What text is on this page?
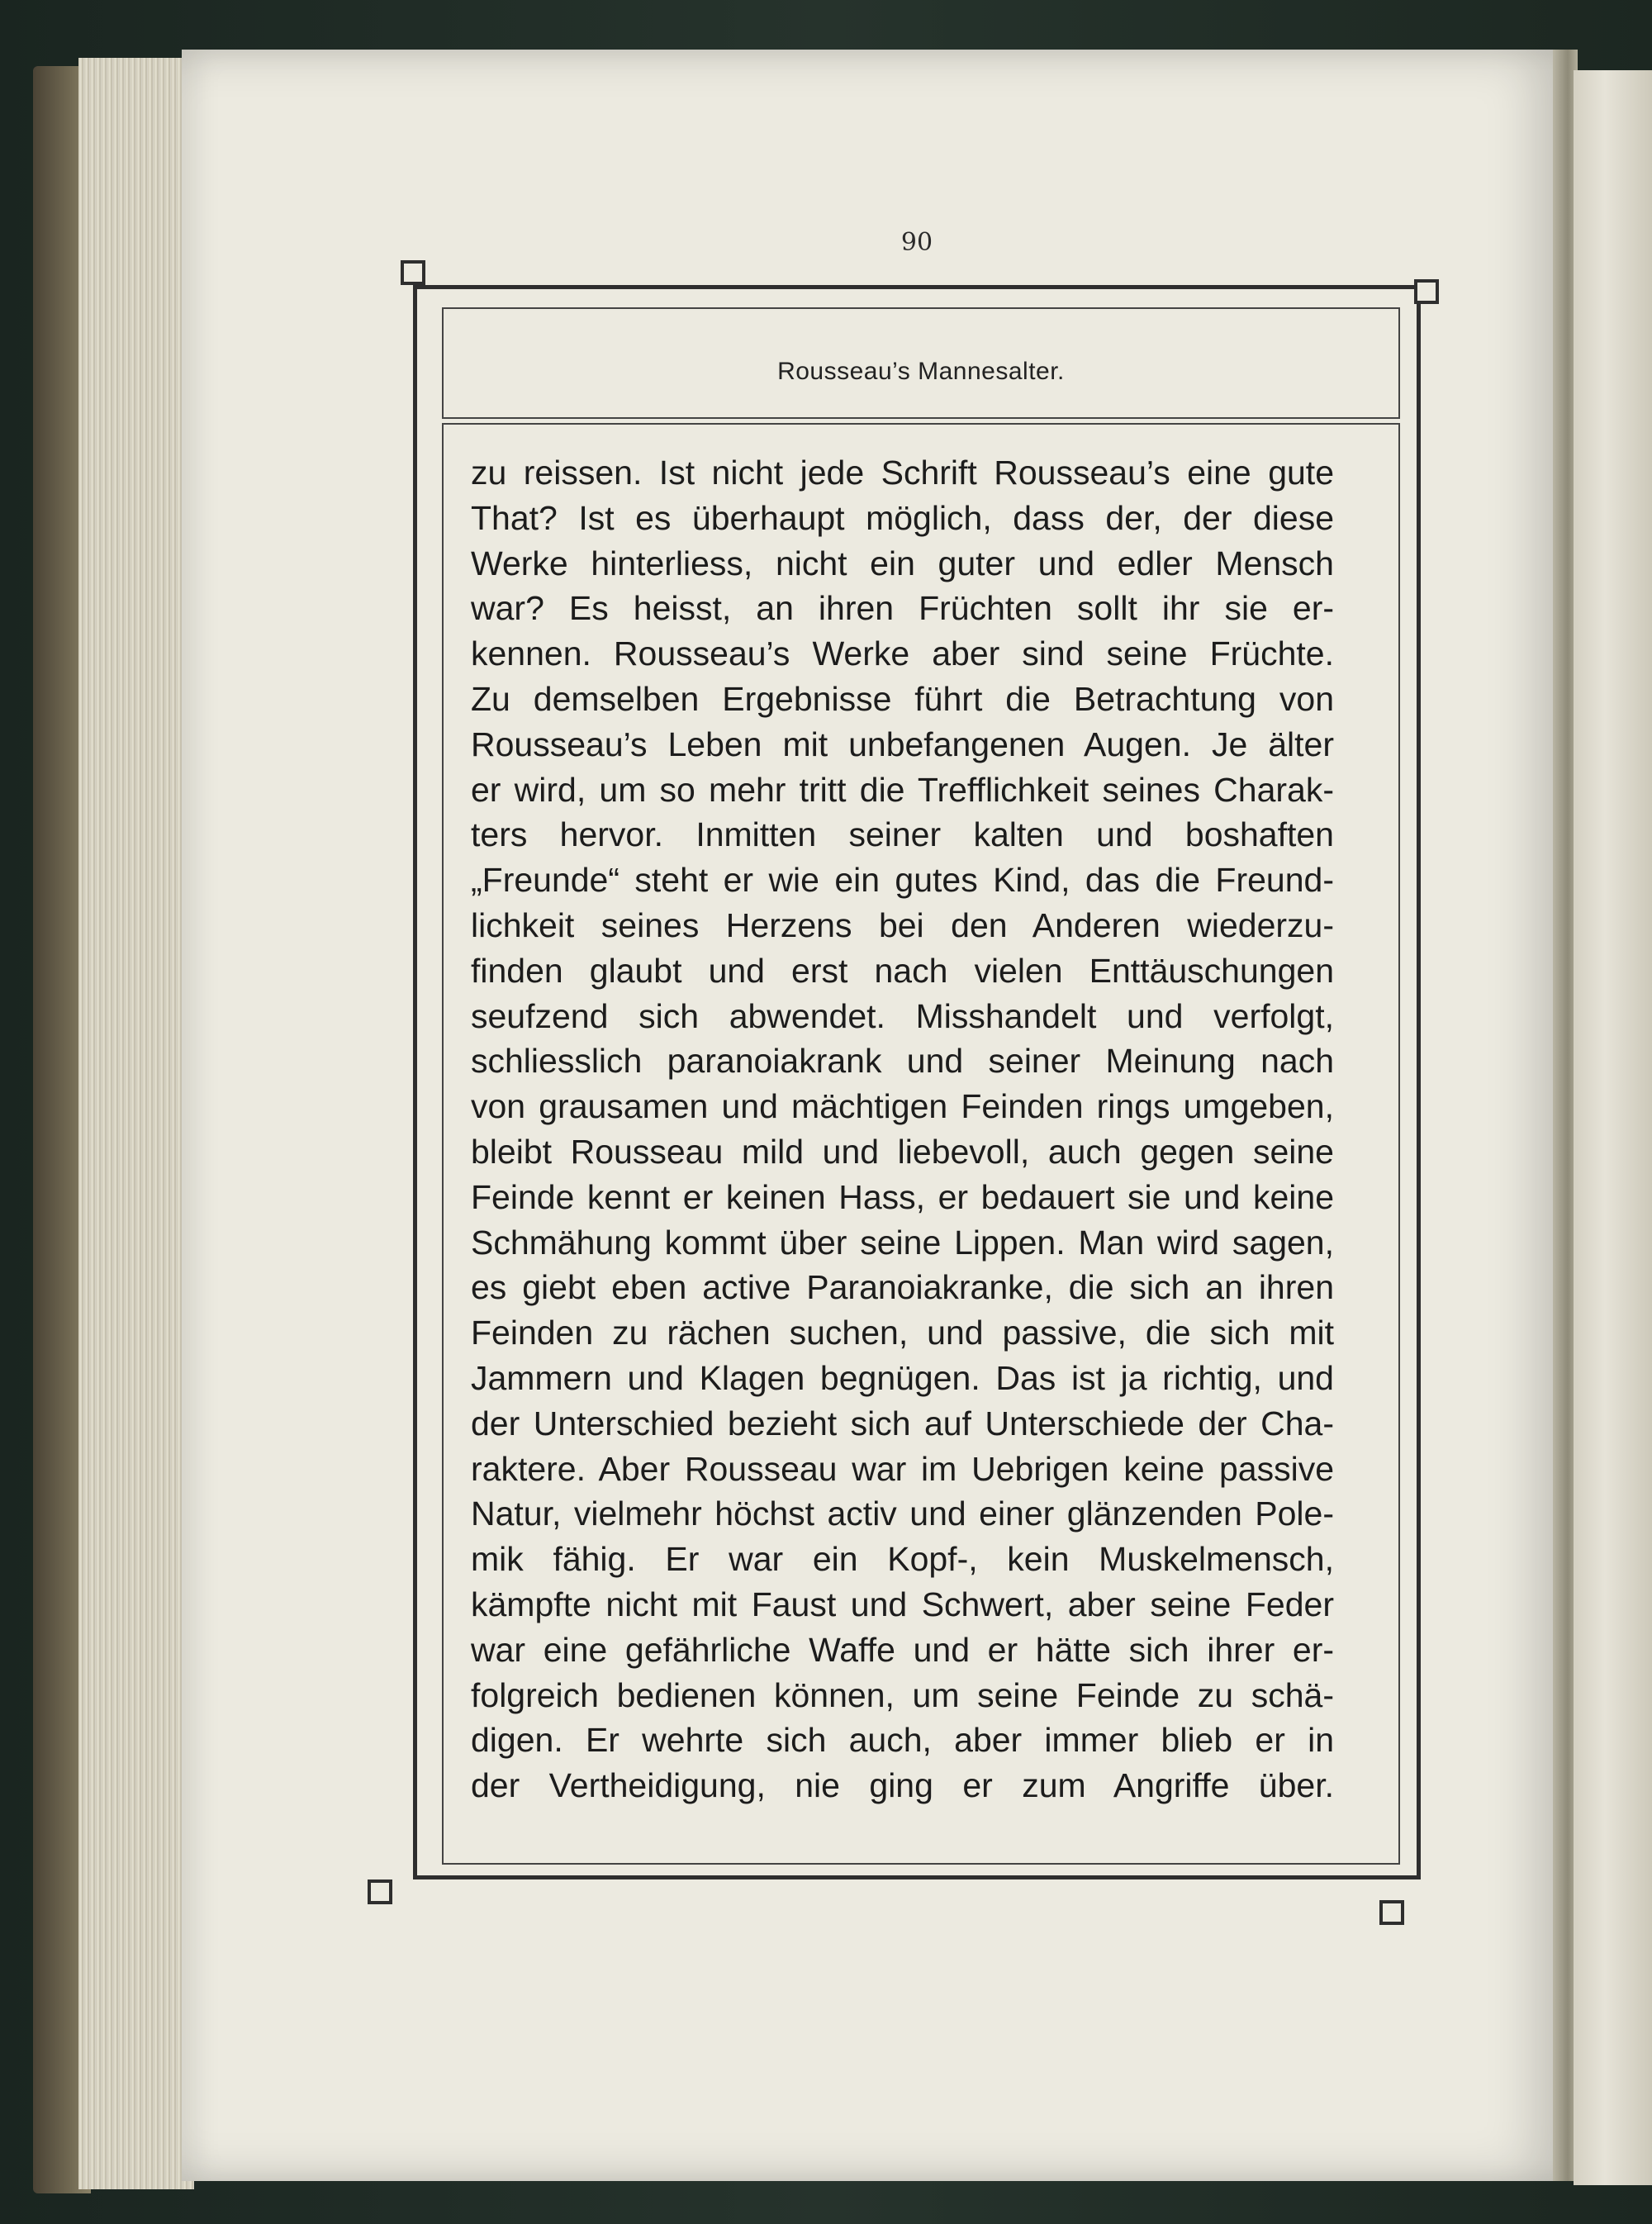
90
Rousseau’s Mannesalter.
zu reissen. Ist nicht jede Schrift Rousseau’s eine gute
That? Ist es überhaupt möglich, dass der, der diese
Werke hinterliess, nicht ein guter und edler Mensch
war? Es heisst, an ihren Früchten sollt ihr sie er-
kennen. Rousseau’s Werke aber sind seine Früchte.
Zu demselben Ergebnisse führt die Betrachtung von
Rousseau’s Leben mit unbefangenen Augen. Je älter
er wird, um so mehr tritt die Trefflichkeit seines Charak-
ters hervor. Inmitten seiner kalten und boshaften
„Freunde“ steht er wie ein gutes Kind, das die Freund-
lichkeit seines Herzens bei den Anderen wiederzu-
finden glaubt und erst nach vielen Enttäuschungen
seufzend sich abwendet. Misshandelt und verfolgt,
schliesslich paranoiakrank und seiner Meinung nach
von grausamen und mächtigen Feinden rings umgeben,
bleibt Rousseau mild und liebevoll, auch gegen seine
Feinde kennt er keinen Hass, er bedauert sie und keine
Schmähung kommt über seine Lippen. Man wird sagen,
es giebt eben active Paranoiakranke, die sich an ihren
Feinden zu rächen suchen, und passive, die sich mit
Jammern und Klagen begnügen. Das ist ja richtig, und
der Unterschied bezieht sich auf Unterschiede der Cha-
raktere. Aber Rousseau war im Uebrigen keine passive
Natur, vielmehr höchst activ und einer glänzenden Pole-
mik fähig. Er war ein Kopf-, kein Muskelmensch,
kämpfte nicht mit Faust und Schwert, aber seine Feder
war eine gefährliche Waffe und er hätte sich ihrer er-
folgreich bedienen können, um seine Feinde zu schä-
digen. Er wehrte sich auch, aber immer blieb er in
der Vertheidigung, nie ging er zum Angriffe über.
